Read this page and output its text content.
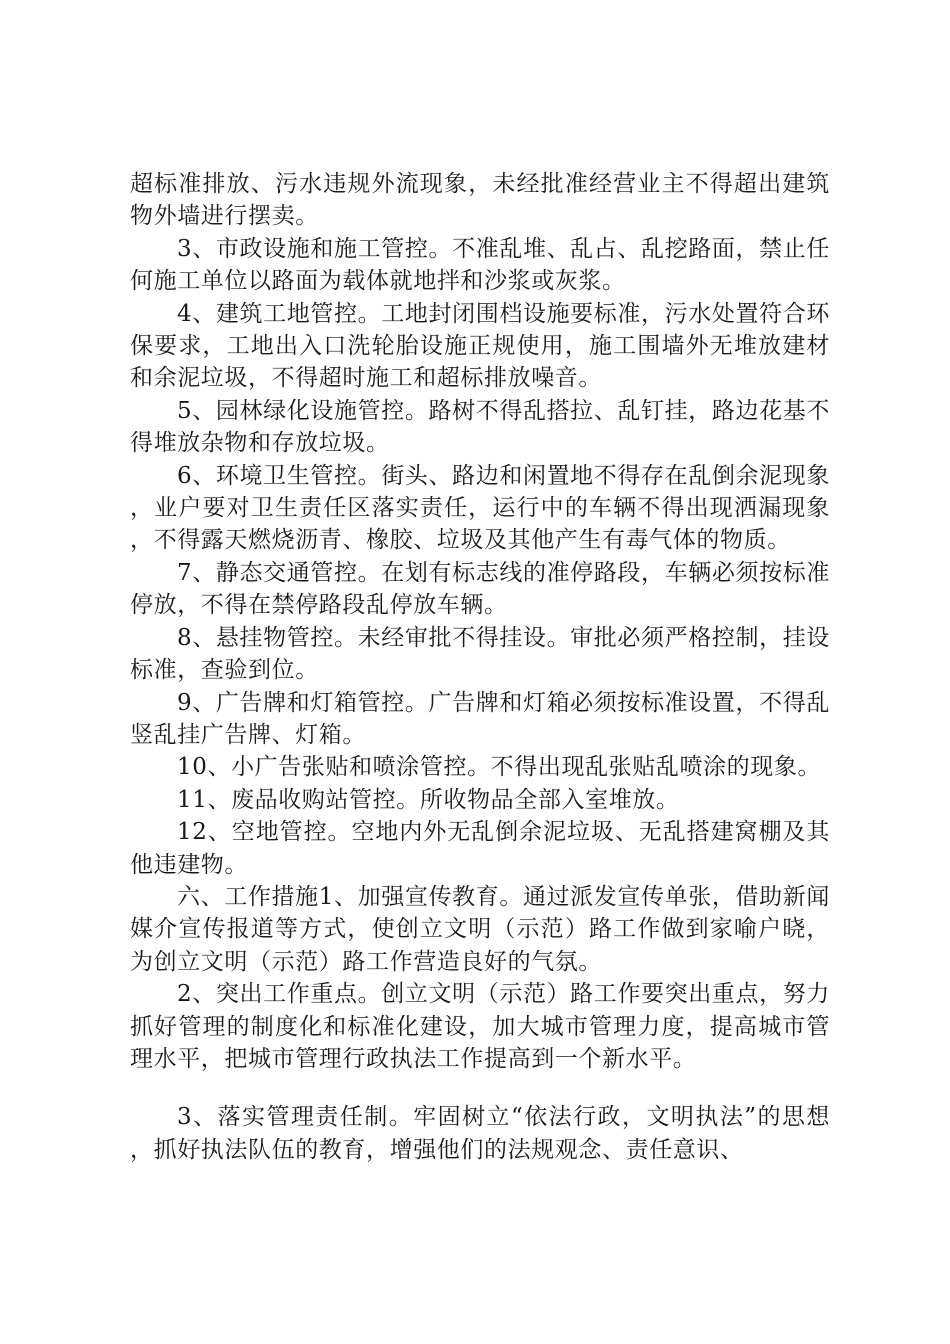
超标准排放、污水违规外流现象，未经批准经营业主不得超出建筑物外墙进行摆卖。

3、市政设施和施工管控。不准乱堆、乱占、乱挖路面，禁止任何施工单位以路面为载体就地拌和沙浆或灰浆。

4、建筑工地管控。工地封闭围档设施要标准，污水处置符合环保要求，工地出入口洗轮胎设施正规使用，施工围墙外无堆放建材和余泥垃圾，不得超时施工和超标排放噪音。

5、园林绿化设施管控。路树不得乱搭拉、乱钉挂，路边花基不得堆放杂物和存放垃圾。

6、环境卫生管控。街头、路边和闲置地不得存在乱倒余泥现象，业户要对卫生责任区落实责任，运行中的车辆不得出现洒漏现象，不得露天燃烧沥青、橡胶、垃圾及其他产生有毒气体的物质。

7、静态交通管控。在划有标志线的准停路段，车辆必须按标准停放，不得在禁停路段乱停放车辆。

8、悬挂物管控。未经审批不得挂设。审批必须严格控制，挂设标准，查验到位。

9、广告牌和灯箱管控。广告牌和灯箱必须按标准设置，不得乱竖乱挂广告牌、灯箱。

10、小广告张贴和喷涂管控。不得出现乱张贴乱喷涂的现象。

11、废品收购站管控。所收物品全部入室堆放。

12、空地管控。空地内外无乱倒余泥垃圾、无乱搭建窝棚及其他违建物。

六、工作措施1、加强宣传教育。通过派发宣传单张，借助新闻媒介宣传报道等方式，使创立文明（示范）路工作做到家喻户晓，为创立文明（示范）路工作营造良好的气氛。

2、突出工作重点。创立文明（示范）路工作要突出重点，努力抓好管理的制度化和标准化建设，加大城市管理力度，提高城市管理水平，把城市管理行政执法工作提高到一个新水平。

3、落实管理责任制。牢固树立“依法行政，文明执法”的思想，抓好执法队伍的教育，增强他们的法规观念、责任意识、
